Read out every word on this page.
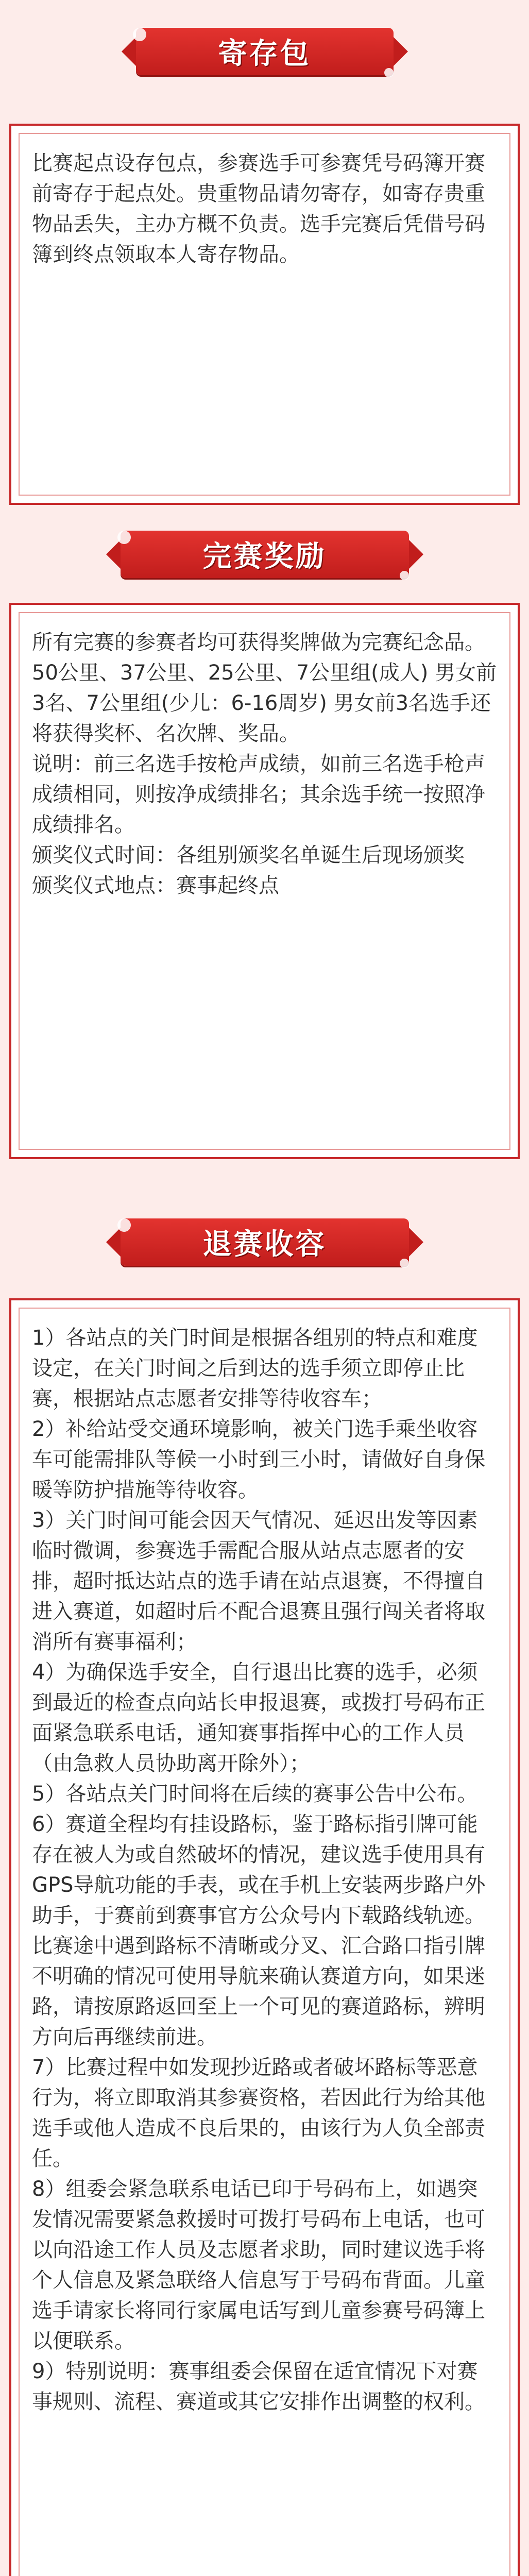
寄存包

比赛起点设存包点，参赛选手可参赛凭号码簿开赛前寄存于起点处。贵重物品请勿寄存，如寄存贵重物品丢失，主办方概不负责。选手完赛后凭借号码簿到终点领取本人寄存物品。

完赛奖励

所有完赛的参赛者均可获得奖牌做为完赛纪念品。50公里、37公里、25公里、7公里组(成人) 男女前3名、7公里组(少儿：6-16周岁) 男女前3名选手还将获得奖杯、名次牌、奖品。

说明：前三名选手按枪声成绩，如前三名选手枪声成绩相同，则按净成绩排名；其余选手统一按照净成绩排名。

颁奖仪式时间：各组别颁奖名单诞生后现场颁奖

颁奖仪式地点：赛事起终点

退赛收容

1）各站点的关门时间是根据各组别的特点和难度设定，在关门时间之后到达的选手须立即停止比赛，根据站点志愿者安排等待收容车；

2）补给站受交通环境影响，被关门选手乘坐收容车可能需排队等候一小时到三小时，请做好自身保暖等防护措施等待收容。

3）关门时间可能会因天气情况、延迟出发等因素临时微调，参赛选手需配合服从站点志愿者的安排，超时抵达站点的选手请在站点退赛，不得擅自进入赛道，如超时后不配合退赛且强行闯关者将取消所有赛事福利；

4）为确保选手安全，自行退出比赛的选手，必须到最近的检查点向站长申报退赛，或拨打号码布正面紧急联系电话，通知赛事指挥中心的工作人员（由急救人员协助离开除外）；

5）各站点关门时间将在后续的赛事公告中公布。

6）赛道全程均有挂设路标，鉴于路标指引牌可能存在被人为或自然破坏的情况，建议选手使用具有GPS导航功能的手表，或在手机上安装两步路户外助手，于赛前到赛事官方公众号内下载路线轨迹。比赛途中遇到路标不清晰或分叉、汇合路口指引牌不明确的情况可使用导航来确认赛道方向，如果迷路，请按原路返回至上一个可见的赛道路标，辨明方向后再继续前进。

7）比赛过程中如发现抄近路或者破坏路标等恶意行为，将立即取消其参赛资格，若因此行为给其他选手或他人造成不良后果的，由该行为人负全部责任。

8）组委会紧急联系电话已印于号码布上，如遇突发情况需要紧急救援时可拨打号码布上电话，也可以向沿途工作人员及志愿者求助，同时建议选手将个人信息及紧急联络人信息写于号码布背面。儿童选手请家长将同行家属电话写到儿童参赛号码簿上以便联系。

9）特别说明：赛事组委会保留在适宜情况下对赛事规则、流程、赛道或其它安排作出调整的权利。
